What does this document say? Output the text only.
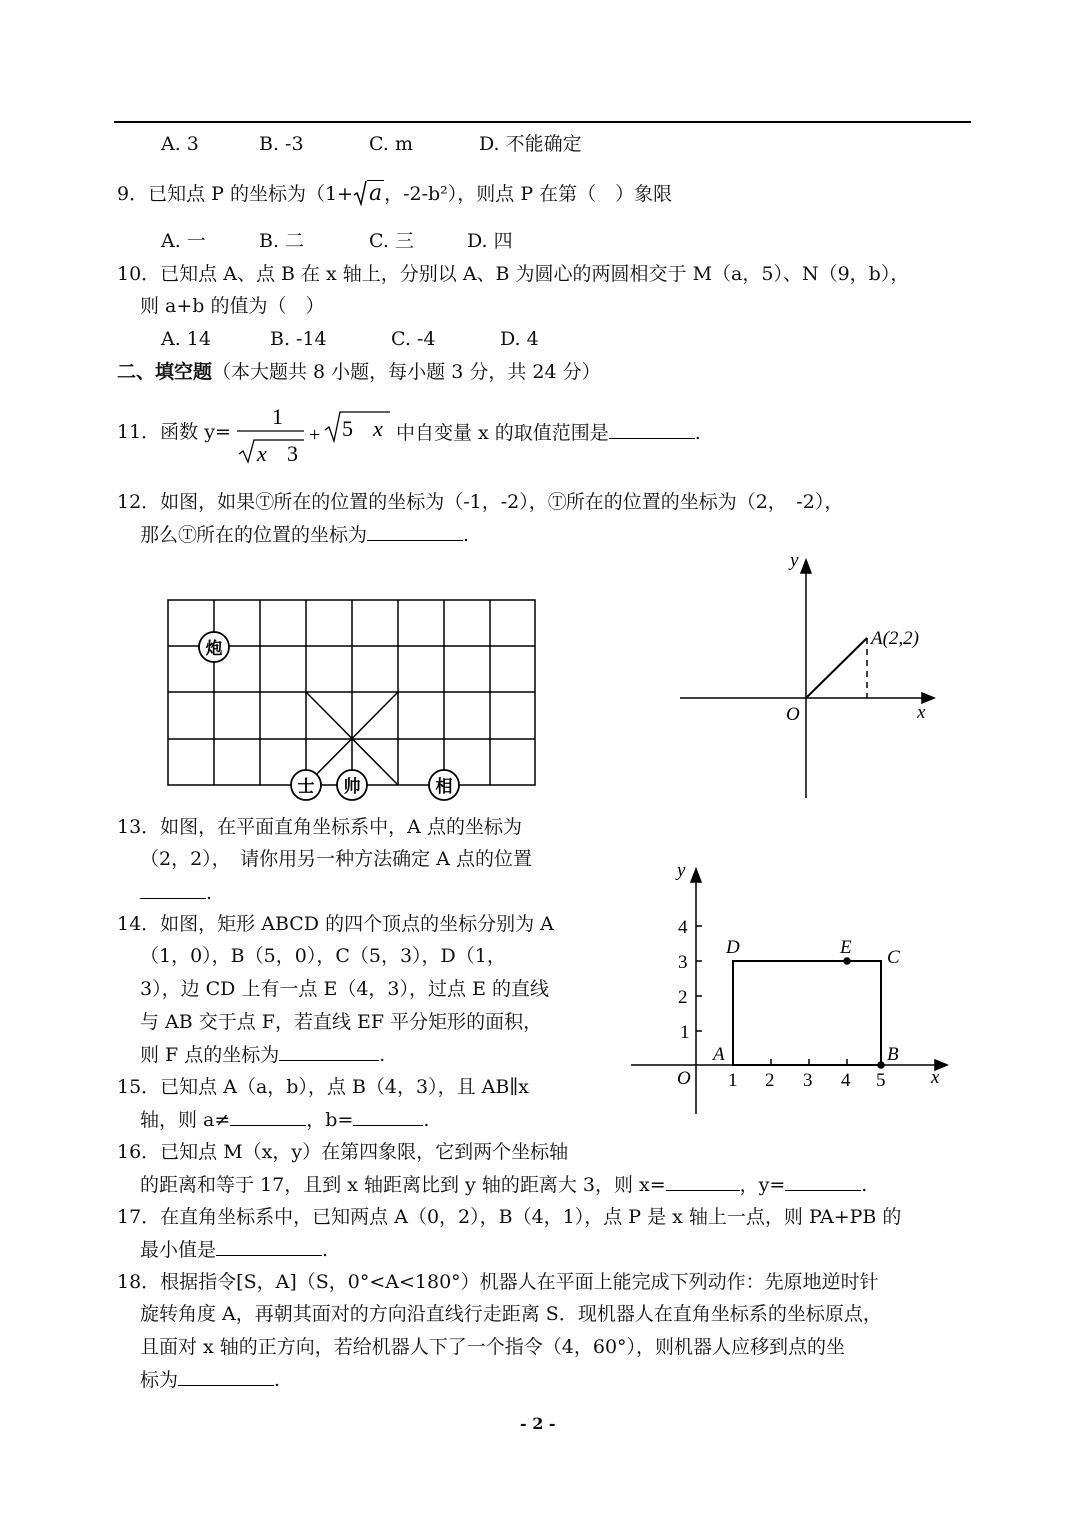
A. 3	B. -3	C. m	D. 不能确定
9．已知点 P 的坐标为（1+ a ，-2-b²），则点 P 在第（　）象限
A. 一	B. 二	C. 三	D. 四
10．已知点 A、点 B 在 x 轴上，分别以 A、B 为圆心的两圆相交于 M（a，5）、N（9，b），
则 a+b 的值为（　）
A. 14	B. -14	C. -4	D. 4
二、填空题（本大题共 8 小题，每小题 3 分，共 24 分）
11．函数 y=
1
x 3
+ 5 x 中自变量 x 的取值范围是	.
12．如图，如果Ⓣ所在的位置的坐标为（-1，-2），Ⓣ所在的位置的坐标为（2，　-2），
那么Ⓣ所在的位置的坐标为	.
炮
士 帅	相
y
x
O
A(2,2)
13．如图，在平面直角坐标系中，A 点的坐标为
（2，2），　请你用另一种方法确定 A 点的位置
.
14．如图，矩形 ABCD 的四个顶点的坐标分别为 A
（1，0），B（5，0），C（5，3），D（1，
3），边 CD 上有一点 E（4，3），过点 E 的直线
与 AB 交于点 F，若直线 EF 平分矩形的面积，
则 F 点的坐标为	.
y
x
O
4
3
2
1
1 2 3 4 5
A	B
C
D	E
15．已知点 A（a，b），点 B（4，3），且 AB∥x
轴，则 a≠	，b=	.
16．已知点 M（x，y）在第四象限，它到两个坐标轴
的距离和等于 17，且到 x 轴距离比到 y 轴的距离大 3，则 x=	，y=	.
17．在直角坐标系中，已知两点 A（0，2），B（4，1），点 P 是 x 轴上一点，则 PA+PB 的
最小值是	.
18．根据指令[S，A]（S，0°<A<180°）机器人在平面上能完成下列动作：先原地逆时针
旋转角度 A，再朝其面对的方向沿直线行走距离 S．现机器人在直角坐标系的坐标原点，
且面对 x 轴的正方向，若给机器人下了一个指令（4，60°），则机器人应移到点的坐
标为	.
- 2 -
